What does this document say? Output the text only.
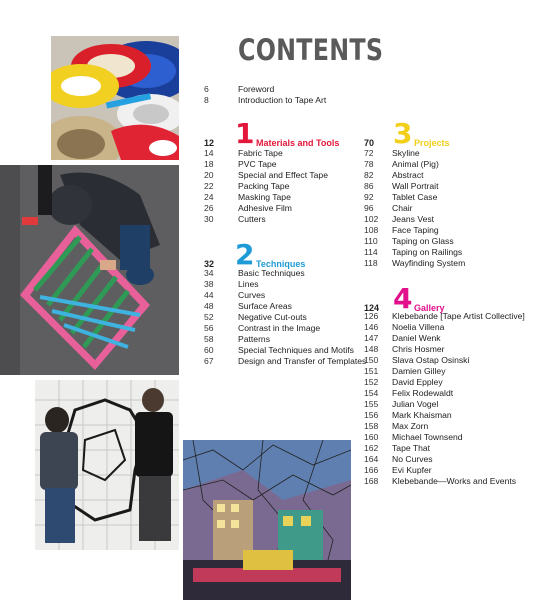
CONTENTS
6	Foreword
8	Introduction to Tape Art
12 1 Materials and Tools
14	Fabric Tape
18	PVC Tape
20	Special and Effect Tape
22	Packing Tape
24	Masking Tape
26	Adhesive Film
30	Cutters
32 2 Techniques
34	Basic Techniques
38	Lines
44	Curves
48	Surface Areas
52	Negative Cut-outs
56	Contrast in the Image
58	Patterns
60	Special Techniques and Motifs
67	Design and Transfer of Templates
70 3 Projects
72	Skyline
78	Animal (Pig)
82	Abstract
86	Wall Portrait
92	Tablet Case
96	Chair
102	Jeans Vest
108	Face Taping
110	Taping on Glass
114	Taping on Railings
118	Wayfinding System
124 4 Gallery
126	Klebebande [Tape Artist Collective]
146	Noelia Villena
147	Daniel Wenk
148	Chris Hosmer
150	Slava Ostap Osinski
151	Damien Gilley
152	David Eppley
154	Felix Rodewaldt
155	Julian Vogel
156	Mark Khaisman
158	Max Zorn
160	Michael Townsend
162	Tape That
164	No Curves
166	Evi Kupfer
168	Klebebande—Works and Events
